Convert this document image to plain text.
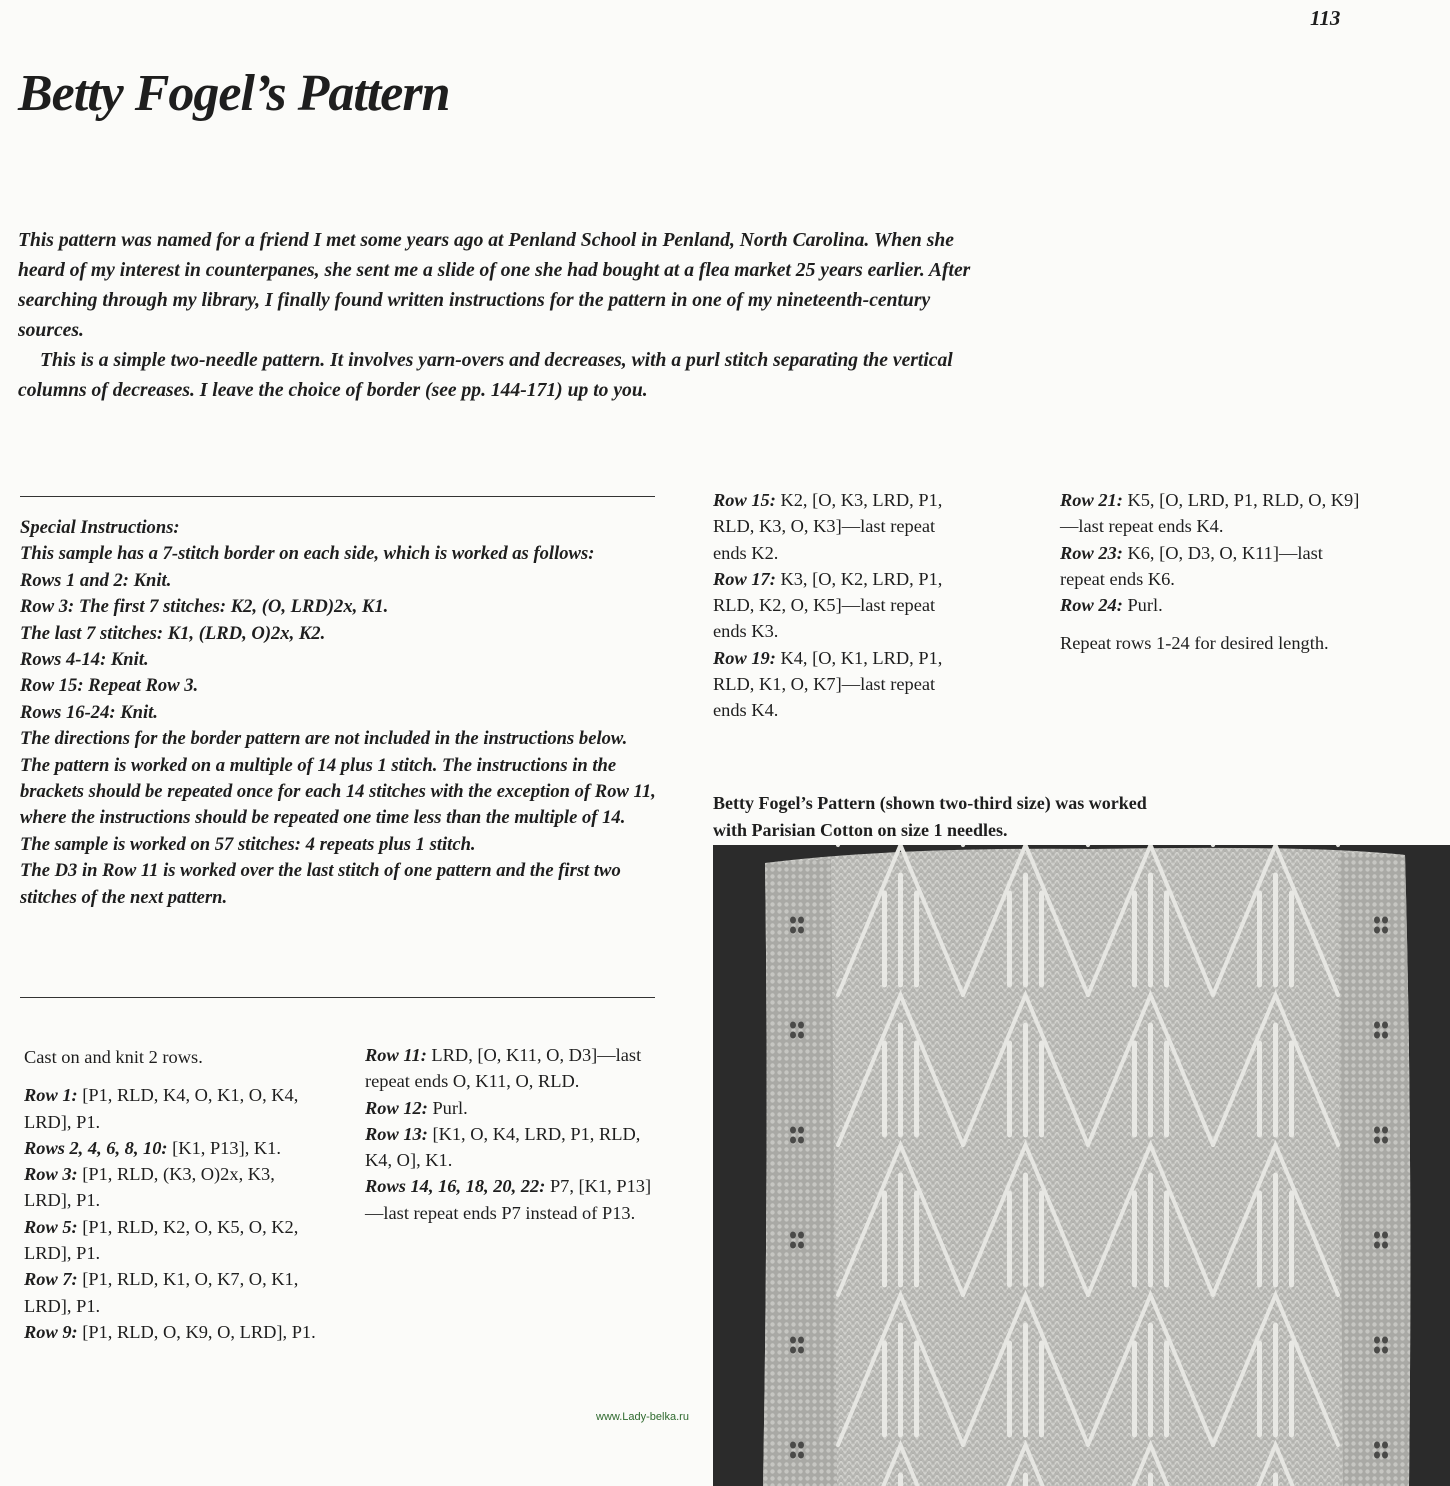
113
Betty Fogel’s Pattern

This pattern was named for a friend I met some years ago at Penland School in Penland, North Carolina. When she heard of my interest in counterpanes, she sent me a slide of one she had bought at a flea market 25 years earlier. After searching through my library, I finally found written instructions for the pattern in one of my nineteenth-century sources.

This is a simple two-needle pattern. It involves yarn-overs and decreases, with a purl stitch separating the vertical columns of decreases. I leave the choice of border (see pp. 144-171) up to you.

Special Instructions:
This sample has a 7-stitch border on each side, which is worked as follows:
Rows 1 and 2: Knit.
Row 3: The first 7 stitches: K2, (O, LRD)2x, K1.
The last 7 stitches: K1, (LRD, O)2x, K2.
Rows 4-14: Knit.
Row 15: Repeat Row 3.
Rows 16-24: Knit.
The directions for the border pattern are not included in the instructions below.
The pattern is worked on a multiple of 14 plus 1 stitch. The instructions in the brackets should be repeated once for each 14 stitches with the exception of Row 11, where the instructions should be repeated one time less than the multiple of 14.
The sample is worked on 57 stitches: 4 repeats plus 1 stitch.
The D3 in Row 11 is worked over the last stitch of one pattern and the first two stitches of the next pattern.

Cast on and knit 2 rows.

Row 1: [P1, RLD, K4, O, K1, O, K4, LRD], P1.

Rows 2, 4, 6, 8, 10: [K1, P13], K1.

Row 3: [P1, RLD, (K3, O)2x, K3, LRD], P1.

Row 5: [P1, RLD, K2, O, K5, O, K2, LRD], P1.

Row 7: [P1, RLD, K1, O, K7, O, K1, LRD], P1.

Row 9: [P1, RLD, O, K9, O, LRD], P1.

Row 11: LRD, [O, K11, O, D3]—last repeat ends O, K11, O, RLD.

Row 12: Purl.

Row 13: [K1, O, K4, LRD, P1, RLD, K4, O], K1.

Rows 14, 16, 18, 20, 22: P7, [K1, P13]—last repeat ends P7 instead of P13.

Row 15: K2, [O, K3, LRD, P1, RLD, K3, O, K3]—last repeat ends K2.

Row 17: K3, [O, K2, LRD, P1, RLD, K2, O, K5]—last repeat ends K3.

Row 19: K4, [O, K1, LRD, P1, RLD, K1, O, K7]—last repeat ends K4.

Row 21: K5, [O, LRD, P1, RLD, O, K9]—last repeat ends K4.

Row 23: K6, [O, D3, O, K11]—last repeat ends K6.

Row 24: Purl.

Repeat rows 1-24 for desired length.

Betty Fogel’s Pattern (shown two-third size) was worked
with Parisian Cotton on size 1 needles.
www.Lady-belka.ru
